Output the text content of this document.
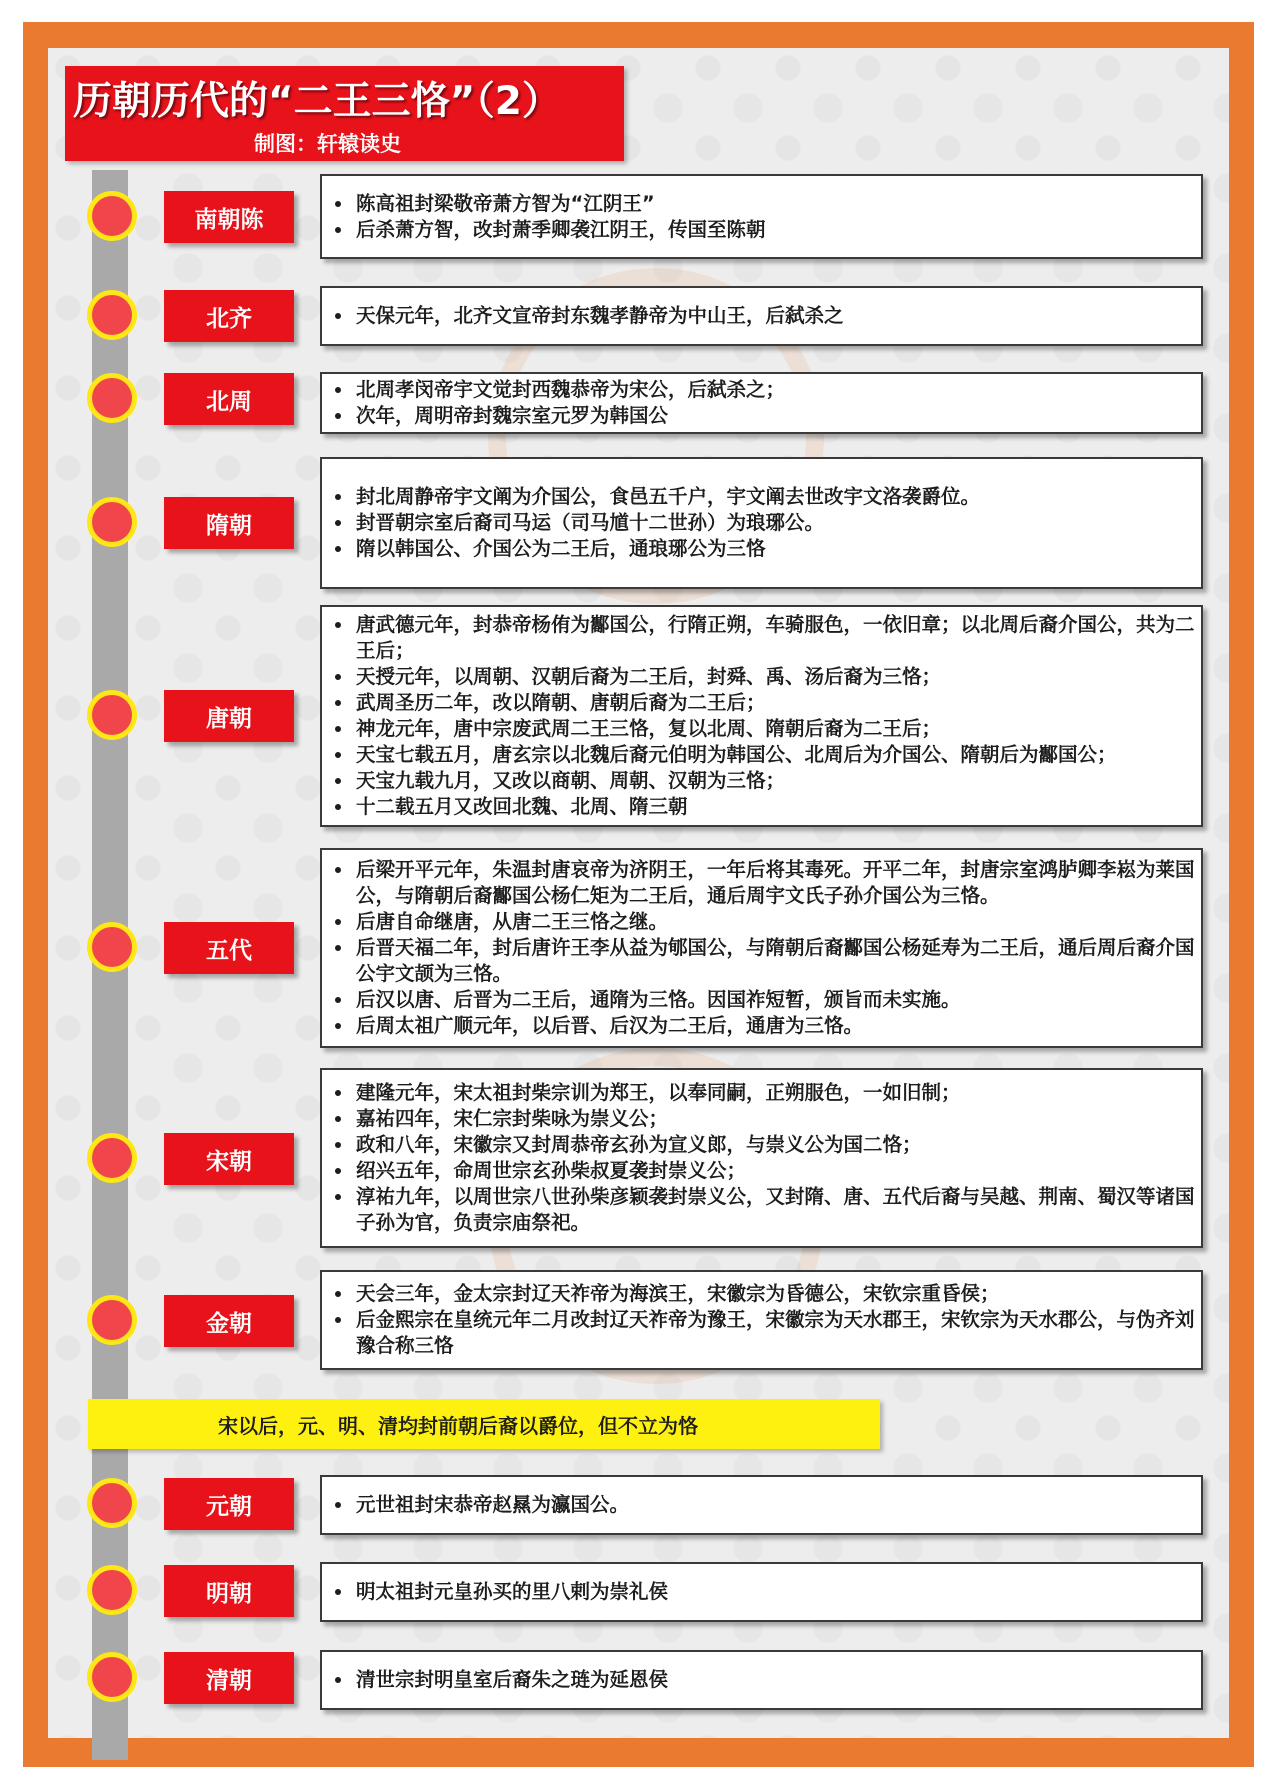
历朝历代的“二王三恪”（2）
制图：轩辕读史
南朝陈
• 陈高祖封梁敬帝萧方智为“江阴王”
• 后杀萧方智，改封萧季卿袭江阴王，传国至陈朝
北齐	• 天保元年，北齐文宣帝封东魏孝静帝为中山王，后弑杀之
北周	• 北周孝闵帝宇文觉封西魏恭帝为宋公，后弑杀之；
• 次年，周明帝封魏宗室元罗为韩国公
隋朝
• 封北周静帝宇文阐为介国公，食邑五千户，宇文阐去世改宇文洛袭爵位。
• 封晋朝宗室后裔司马运（司马馗十二世孙）为琅琊公。
• 隋以韩国公、介国公为二王后，通琅琊公为三恪
唐朝
• 唐武德元年，封恭帝杨侑为酅国公，行隋正朔，车骑服色，一依旧章；以北周后裔介国公，共为二王后；
• 天授元年，以周朝、汉朝后裔为二王后，封舜、禹、汤后裔为三恪；
• 武周圣历二年，改以隋朝、唐朝后裔为二王后；
• 神龙元年，唐中宗废武周二王三恪，复以北周、隋朝后裔为二王后；
• 天宝七载五月，唐玄宗以北魏后裔元伯明为韩国公、北周后为介国公、隋朝后为酅国公；
• 天宝九载九月，又改以商朝、周朝、汉朝为三恪；
• 十二载五月又改回北魏、北周、隋三朝
五代
• 后梁开平元年，朱温封唐哀帝为济阴王，一年后将其毒死。开平二年，封唐宗室鸿胪卿李崧为莱国公，与隋朝后裔酅国公杨仁矩为二王后，通后周宇文氏子孙介国公为三恪。
• 后唐自命继唐，从唐二王三恪之继。
• 后晋天福二年，封后唐许王李从益为郇国公，与隋朝后裔酅国公杨延寿为二王后，通后周后裔介国公宇文颉为三恪。
• 后汉以唐、后晋为二王后，通隋为三恪。因国祚短暂，颁旨而未实施。
• 后周太祖广顺元年，以后晋、后汉为二王后，通唐为三恪。
宋朝
• 建隆元年，宋太祖封柴宗训为郑王，以奉同嗣，正朔服色，一如旧制；
• 嘉祐四年，宋仁宗封柴咏为崇义公；
• 政和八年，宋徽宗又封周恭帝玄孙为宣义郎，与崇义公为国二恪；
• 绍兴五年，命周世宗玄孙柴叔夏袭封崇义公；
• 淳祐九年，以周世宗八世孙柴彦颖袭封崇义公，又封隋、唐、五代后裔与吴越、荆南、蜀汉等诸国子孙为官，负责宗庙祭祀。
金朝
• 天会三年，金太宗封辽天祚帝为海滨王，宋徽宗为昏德公，宋钦宗重昏侯；
• 后金熙宗在皇统元年二月改封辽天祚帝为豫王，宋徽宗为天水郡王，宋钦宗为天水郡公，与伪齐刘豫合称三恪
宋以后，元、明、清均封前朝后裔以爵位，但不立为恪
元朝	• 元世祖封宋恭帝赵㬎为瀛国公。
明朝	• 明太祖封元皇孙买的里八剌为崇礼侯
清朝	• 清世宗封明皇室后裔朱之琏为延恩侯
